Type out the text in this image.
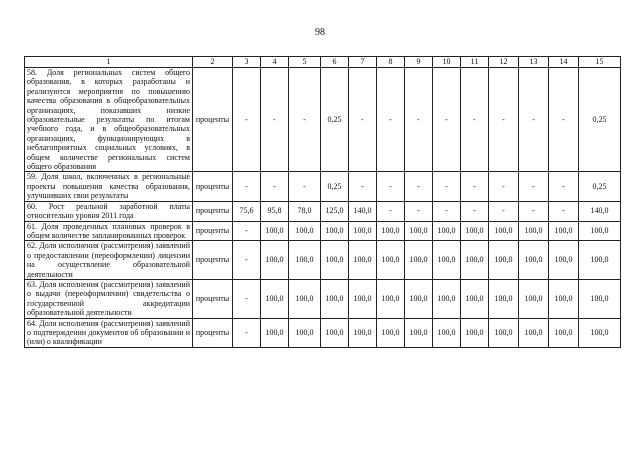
98
1	2	3	4	5	6	7	8	9	10	11	12	13	14	15
58. Доля региональных систем общего образования, в которых разработаны и реализуются мероприятия по повышению качества образования в общеобразовательных организациях, показавших низкие образовательные результаты по итогам учебного года, и в общеобразовательных организациях, функционирующих в неблагоприятных социальных условиях, в общем количестве региональных систем общего образования	проценты	-	-	-	0,25	-	-	-	-	-	-	-	-	0,25
59. Доля школ, включенных в региональные проекты повышения качества образования, улучшивших свои результаты	проценты	-	-	-	0,25	-	-	-	-	-	-	-	-	0,25
60. Рост реальной заработной платы относительно уровня 2011 года	проценты	75,6	95,8	78,0	125,0	140,0	-	-	-	-	-	-	-	140,0
61. Доля проведенных плановых проверок в общем количестве запланированных проверок	проценты	-	100,0	100,0	100,0	100,0	100,0	100,0	100,0	100,0	100,0	100,0	100,0	100,0
62. Доля исполнения (рассмотрения) заявлений о предоставлении (переоформлении) лицензии на осуществление образовательной деятельности	проценты	-	100,0	100,0	100,0	100,0	100,0	100,0	100,0	100,0	100,0	100,0	100,0	100,0
63. Доля исполнения (рассмотрения) заявлений о выдачи (переоформлении) свидетельства о государственной аккредитации образовательной деятельности	проценты	-	100,0	100,0	100,0	100,0	100,0	100,0	100,0	100,0	100,0	100,0	100,0	100,0
64. Доля исполнения (рассмотрения) заявлений о подтверждении документов об образовании и (или) о квалификации	проценты	-	100,0	100,0	100,0	100,0	100,0	100,0	100,0	100,0	100,0	100,0	100,0	100,0
